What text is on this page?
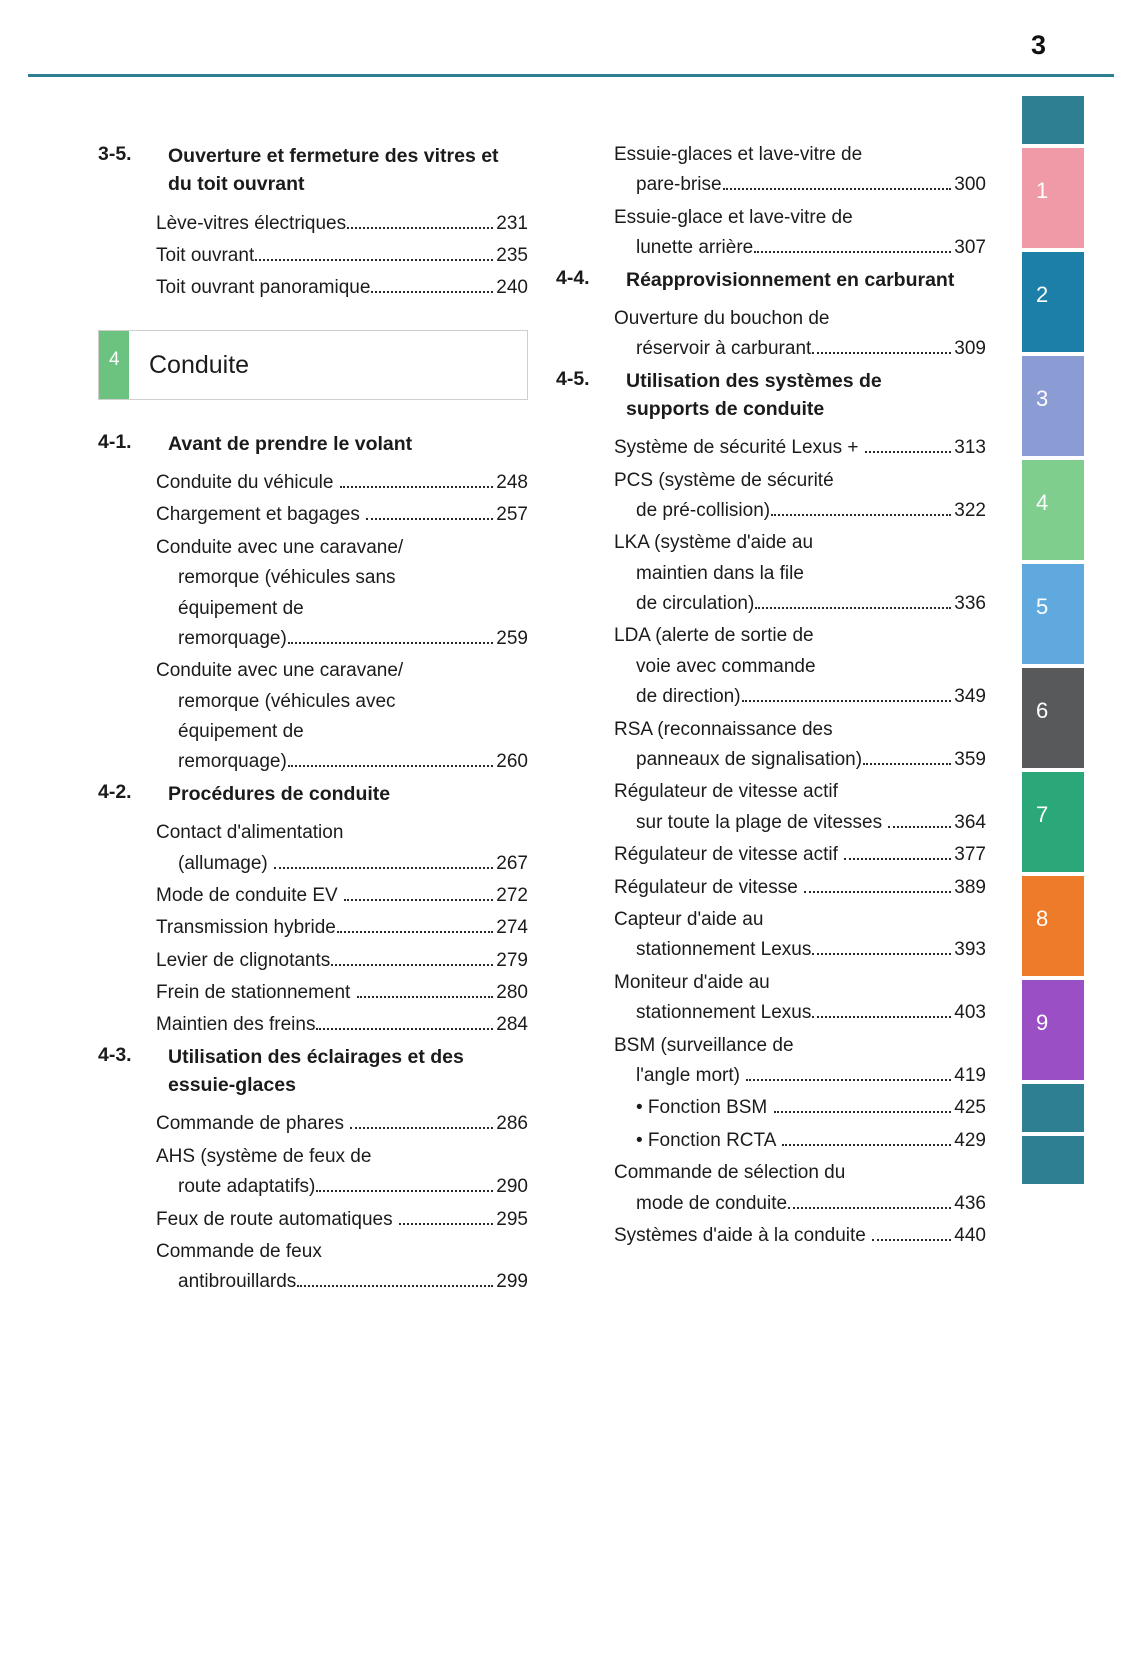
3
1
2
3
4
5
6
7
8
9
3-5.	Ouverture et fermeture des vitres et du toit ouvrant
Lève-vitres électriques	231
Toit ouvrant	235
Toit ouvrant panoramique	240
4 Conduite
4-1.	Avant de prendre le volant
Conduite du véhicule	248
Chargement et bagages	257
Conduite avec une caravane/
remorque (véhicules sans
équipement de
remorquage)	259
Conduite avec une caravane/
remorque (véhicules avec
équipement de
remorquage)	260
4-2.	Procédures de conduite
Contact d'alimentation
(allumage)	267
Mode de conduite EV	272
Transmission hybride	274
Levier de clignotants	279
Frein de stationnement	280
Maintien des freins	284
4-3.	Utilisation des éclairages et des essuie-glaces
Commande de phares	286
AHS (système de feux de
route adaptatifs)	290
Feux de route automatiques	295
Commande de feux
antibrouillards	299
Essuie-glaces et lave-vitre de
pare-brise	300
Essuie-glace et lave-vitre de
lunette arrière	307
4-4.	Réapprovisionnement en carburant
Ouverture du bouchon de
réservoir à carburant	309
4-5.	Utilisation des systèmes de supports de conduite
Système de sécurité Lexus +	313
PCS (système de sécurité
de pré-collision)	322
LKA (système d'aide au
maintien dans la file
de circulation)	336
LDA (alerte de sortie de
voie avec commande
de direction)	349
RSA (reconnaissance des
panneaux de signalisation)	359
Régulateur de vitesse actif
sur toute la plage de vitesses	364
Régulateur de vitesse actif	377
Régulateur de vitesse	389
Capteur d'aide au
stationnement Lexus	393
Moniteur d'aide au
stationnement Lexus	403
BSM (surveillance de
l'angle mort)	419
• Fonction BSM	425
• Fonction RCTA	429
Commande de sélection du
mode de conduite	436
Systèmes d'aide à la conduite	440
